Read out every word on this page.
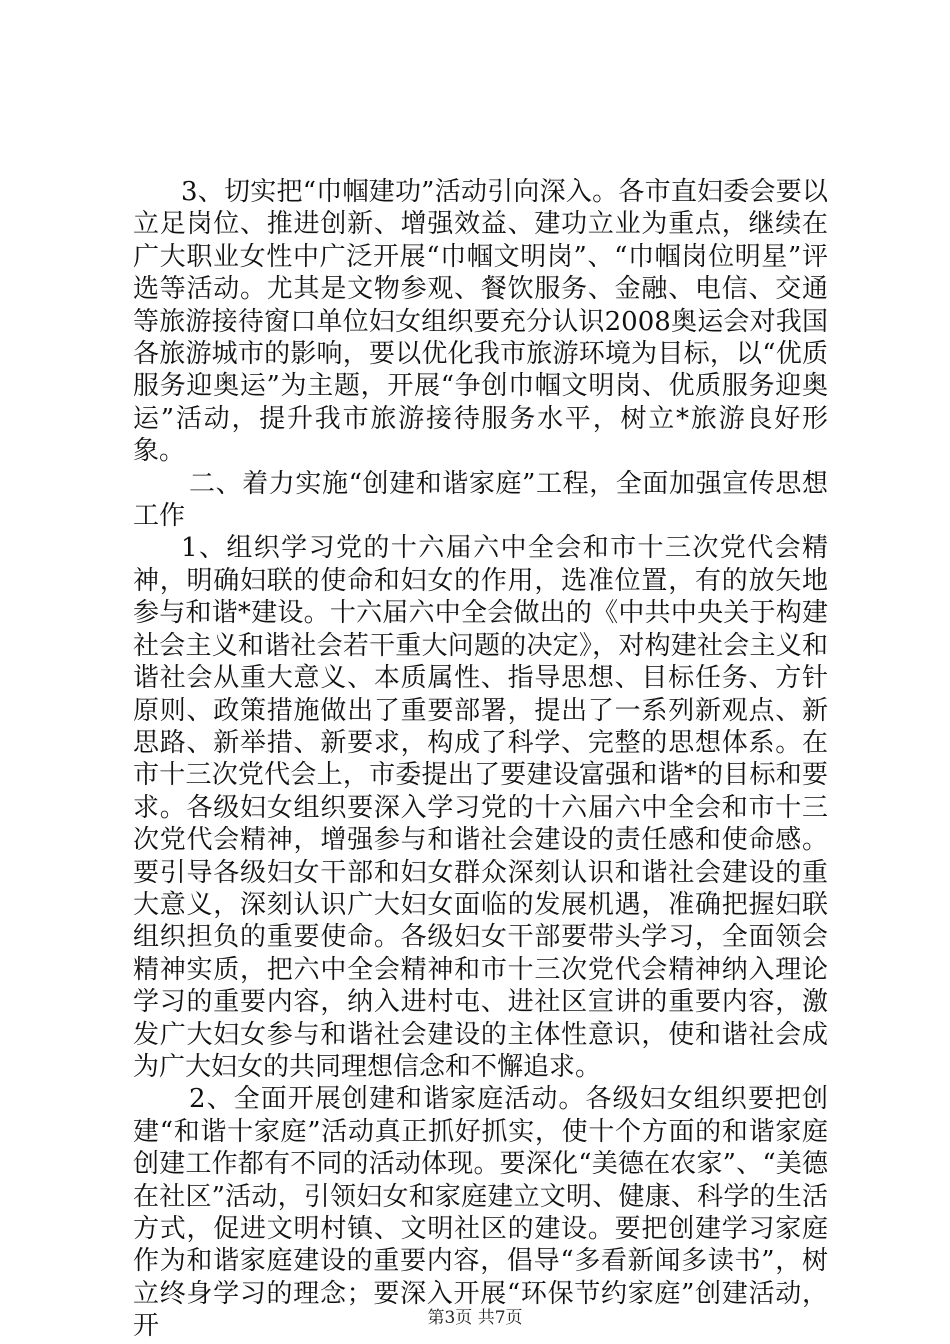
3、切实把“巾帼建功”活动引向深入。各市直妇委会要以立足岗位、推进创新、增强效益、建功立业为重点，继续在广大职业女性中广泛开展“巾帼文明岗”、“巾帼岗位明星”评选等活动。尤其是文物参观、餐饮服务、金融、电信、交通等旅游接待窗口单位妇女组织要充分认识2008奥运会对我国各旅游城市的影响，要以优化我市旅游环境为目标，以“优质服务迎奥运”为主题，开展“争创巾帼文明岗、优质服务迎奥运”活动，提升我市旅游接待服务水平，树立*旅游良好形象。

二、着力实施“创建和谐家庭”工程，全面加强宣传思想工作

1、组织学习党的十六届六中全会和市十三次党代会精神，明确妇联的使命和妇女的作用，选准位置，有的放矢地参与和谐*建设。十六届六中全会做出的《中共中央关于构建社会主义和谐社会若干重大问题的决定》，对构建社会主义和谐社会从重大意义、本质属性、指导思想、目标任务、方针原则、政策措施做出了重要部署，提出了一系列新观点、新思路、新举措、新要求，构成了科学、完整的思想体系。在市十三次党代会上，市委提出了要建设富强和谐*的目标和要求。各级妇女组织要深入学习党的十六届六中全会和市十三次党代会精神，增强参与和谐社会建设的责任感和使命感。要引导各级妇女干部和妇女群众深刻认识和谐社会建设的重大意义，深刻认识广大妇女面临的发展机遇，准确把握妇联组织担负的重要使命。各级妇女干部要带头学习，全面领会精神实质，把六中全会精神和市十三次党代会精神纳入理论学习的重要内容，纳入进村屯、进社区宣讲的重要内容，激发广大妇女参与和谐社会建设的主体性意识，使和谐社会成为广大妇女的共同理想信念和不懈追求。

2、全面开展创建和谐家庭活动。各级妇女组织要把创建“和谐十家庭”活动真正抓好抓实，使十个方面的和谐家庭创建工作都有不同的活动体现。要深化“美德在农家”、“美德在社区”活动，引领妇女和家庭建立文明、健康、科学的生活方式，促进文明村镇、文明社区的建设。要把创建学习家庭作为和谐家庭建设的重要内容，倡导“多看新闻多读书”，树立终身学习的理念；要深入开展“环保节约家庭”创建活动，开	第3页 共7页
